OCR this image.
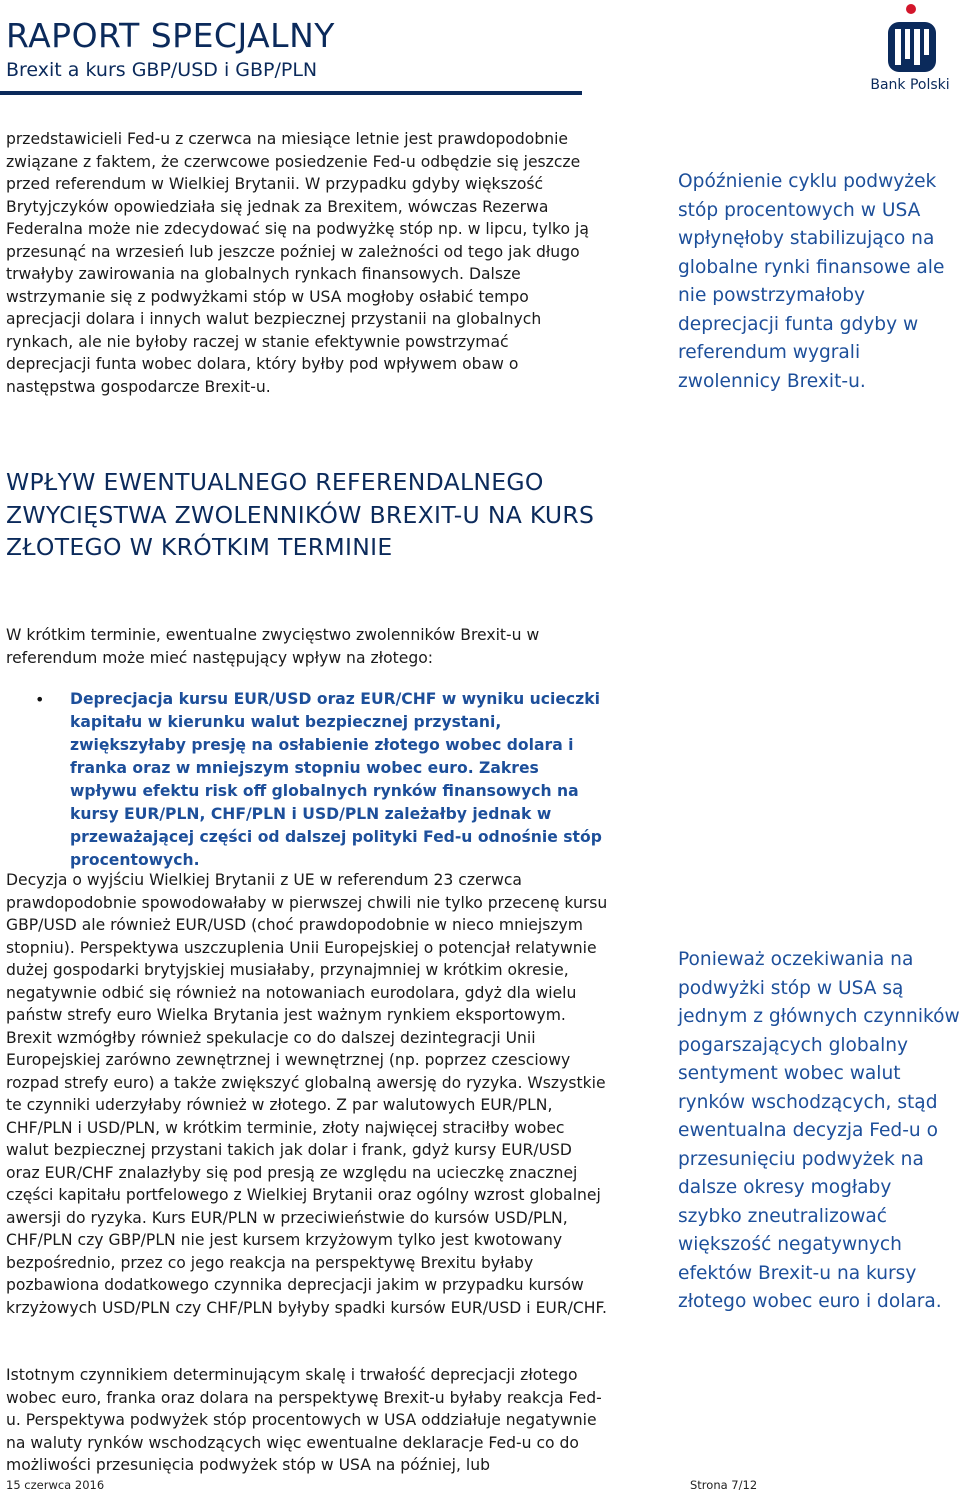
RAPORT SPECJALNY
Brexit a kurs GBP/USD i GBP/PLN
Bank Polski

przedstawicieli Fed-u z czerwca na miesiące letnie jest prawdopodobnie związane z faktem, że czerwcowe posiedzenie Fed-u odbędzie się jeszcze przed referendum w Wielkiej Brytanii. W przypadku gdyby większość Brytyjczyków opowiedziała się jednak za Brexitem, wówczas Rezerwa Federalna może nie zdecydować się na podwyżkę stóp np. w lipcu, tylko ją przesunąć na wrzesień lub jeszcze poźniej w zależności od tego jak długo trwałyby zawirowania na globalnych rynkach finansowych. Dalsze wstrzymanie się z podwyżkami stóp w USA mogłoby osłabić tempo aprecjacji dolara i innych walut bezpiecznej przystanii na globalnych rynkach, ale nie byłoby raczej w stanie efektywnie powstrzymać deprecjacji funta wobec dolara, który byłby pod wpływem obaw o następstwa gospodarcze Brexit-u.

Opóźnienie cyklu podwyżek stóp procentowych w USA wpłynęłoby stabilizująco na globalne rynki finansowe ale nie powstrzymałoby deprecjacji funta gdyby w referendum wygrali zwolennicy Brexit-u.

WPŁYW EWENTUALNEGO REFERENDALNEGO ZWYCIĘSTWA ZWOLENNIKÓW BREXIT-U NA KURS ZŁOTEGO W KRÓTKIM TERMINIE

W krótkim terminie, ewentualne zwycięstwo zwolenników Brexit-u w referendum może mieć następujący wpływ na złotego:

• Deprecjacja kursu EUR/USD oraz EUR/CHF w wyniku ucieczki kapitału w kierunku walut bezpiecznej przystani, zwiększyłaby presję na osłabienie złotego wobec dolara i franka oraz w mniejszym stopniu wobec euro. Zakres wpływu efektu risk off globalnych rynków finansowych na kursy EUR/PLN, CHF/PLN i USD/PLN zależałby jednak w przeważającej części od dalszej polityki Fed-u odnośnie stóp procentowych.

Decyzja o wyjściu Wielkiej Brytanii z UE w referendum 23 czerwca prawdopodobnie spowodowałaby w pierwszej chwili nie tylko przecenę kursu GBP/USD ale również EUR/USD (choć prawdopodobnie w nieco mniejszym stopniu). Perspektywa uszczuplenia Unii Europejskiej o potencjał relatywnie dużej gospodarki brytyjskiej musiałaby, przynajmniej w krótkim okresie, negatywnie odbić się również na notowaniach eurodolara, gdyż dla wielu państw strefy euro Wielka Brytania jest ważnym rynkiem eksportowym. Brexit wzmógłby również spekulacje co do dalszej dezintegracji Unii Europejskiej zarówno zewnętrznej i wewnętrznej (np. poprzez czesciowy rozpad strefy euro) a także zwiększyć globalną awersję do ryzyka. Wszystkie te czynniki uderzyłaby również w złotego. Z par walutowych EUR/PLN, CHF/PLN i USD/PLN, w krótkim terminie, złoty najwięcej straciłby wobec walut bezpiecznej przystani takich jak dolar i frank, gdyż kursy EUR/USD oraz EUR/CHF znalazłyby się pod presją ze względu na ucieczkę znacznej części kapitału portfelowego z Wielkiej Brytanii oraz ogólny wzrost globalnej awersji do ryzyka. Kurs EUR/PLN w przeciwieństwie do kursów USD/PLN, CHF/PLN czy GBP/PLN nie jest kursem krzyżowym tylko jest kwotowany bezpośrednio, przez co jego reakcja na perspektywę Brexitu byłaby pozbawiona dodatkowego czynnika deprecjacji jakim w przypadku kursów krzyżowych USD/PLN czy CHF/PLN byłyby spadki kursów EUR/USD i EUR/CHF.

Ponieważ oczekiwania na podwyżki stóp w USA są jednym z głównych czynników pogarszających globalny sentyment wobec walut rynków wschodzących, stąd ewentualna decyzja Fed-u o przesunięciu podwyżek na dalsze okresy mogłaby szybko zneutralizować większość negatywnych efektów Brexit-u na kursy złotego wobec euro i dolara.

Istotnym czynnikiem determinującym skalę i trwałość deprecjacji złotego wobec euro, franka oraz dolara na perspektywę Brexit-u byłaby reakcja Fed-u. Perspektywa podwyżek stóp procentowych w USA oddziałuje negatywnie na waluty rynków wschodzących więc ewentualne deklaracje Fed-u co do możliwości przesunięcia podwyżek stóp w USA na później, lub

15 czerwca 2016	Strona 7/12
